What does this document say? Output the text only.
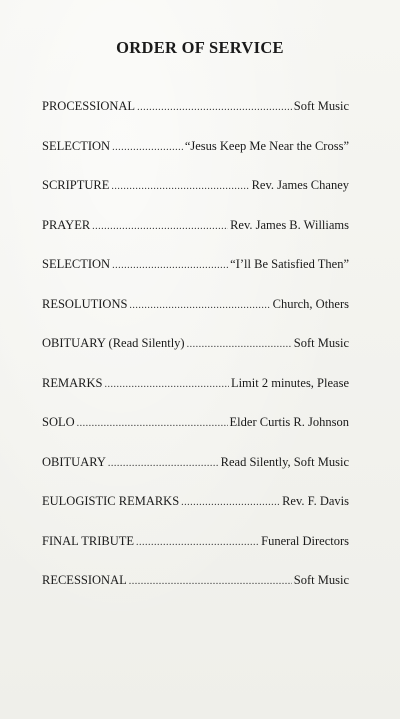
ORDER OF SERVICE
PROCESSIONAL .....	Soft Music
SELECTION .....	“Jesus Keep Me Near the Cross”
SCRIPTURE .....	Rev. James Chaney
PRAYER .....	Rev. James B. Williams
SELECTION .....	“I’ll Be Satisfied Then”
RESOLUTIONS .....	Church, Others
OBITUARY (Read Silently) .....	Soft Music
REMARKS .....	Limit 2 minutes, Please
SOLO .....	Elder Curtis R. Johnson
OBITUARY .....	Read Silently, Soft Music
EULOGISTIC REMARKS .....	Rev. F. Davis
FINAL TRIBUTE .....	Funeral Directors
RECESSIONAL .....	Soft Music
